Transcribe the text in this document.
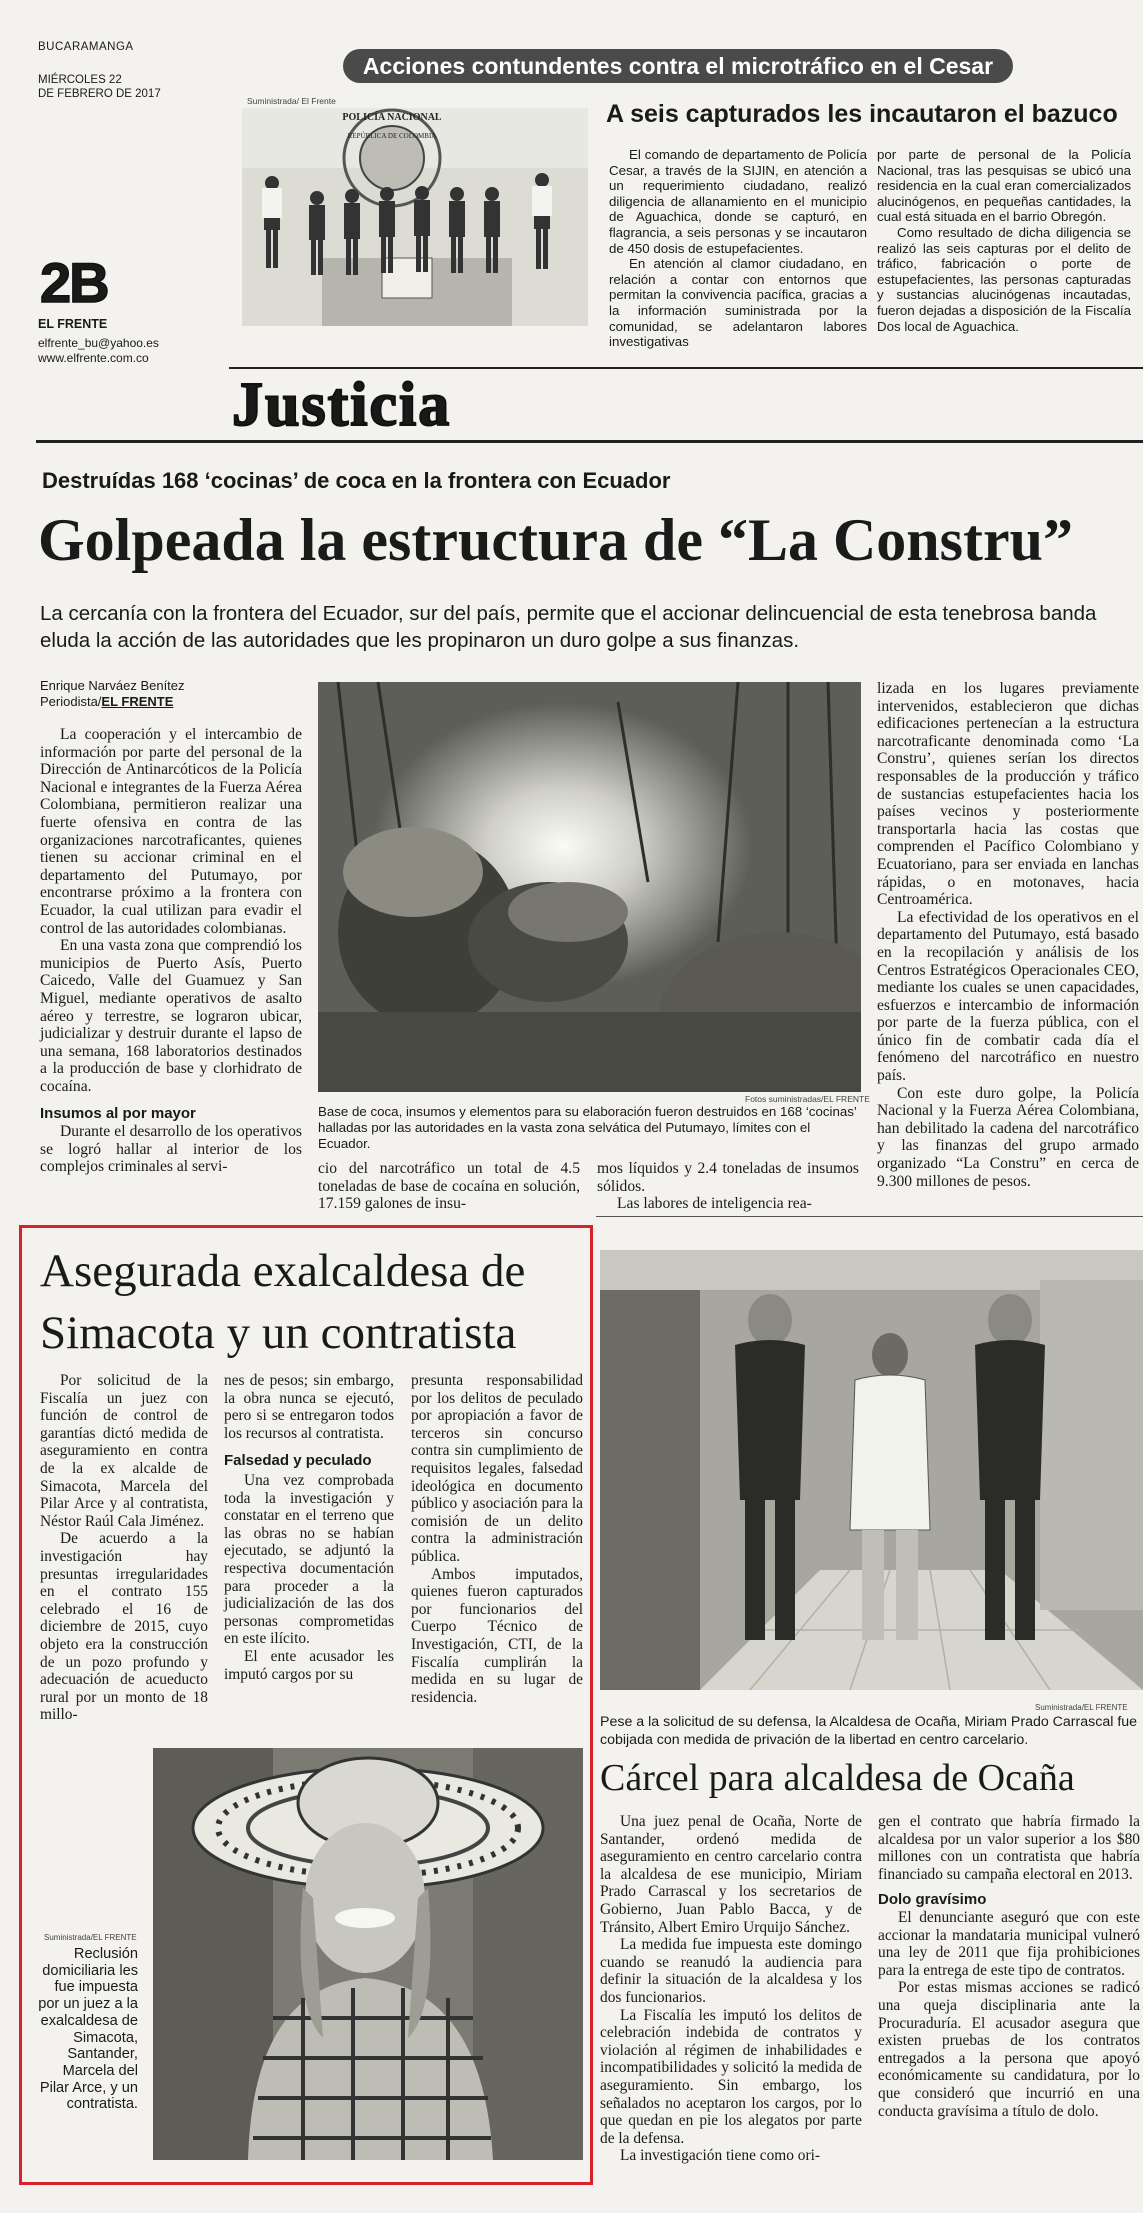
BUCARAMANGA
MIÉRCOLES 22
DE FEBRERO DE 2017
2B
EL FRENTE
elfrente_bu@yahoo.es
www.elfrente.com.co
Acciones contundentes contra el microtráfico en el Cesar
POLICÍA NACIONAL
REPÚBLICA DE COLOMBIA
Suministrada/ El Frente	A seis capturados les incautaron el bazuco

El comando de departamento de Policía Cesar, a través de la SIJIN, en atención a un requerimiento ciudadano, realizó diligencia de allanamiento en el municipio de Aguachica, donde se capturó, en flagrancia, a seis personas y se incautaron de 450 dosis de estupefacientes.

En atención al clamor ciudadano, en relación a contar con entornos que permitan la convivencia pacífica, gracias a la información suministrada por la comunidad, se adelantaron labores investigativas

por parte de personal de la Policía Nacional, tras las pesquisas se ubicó una residencia en la cual eran comercializados alucinógenos, en pequeñas cantidades, la cual está situada en el barrio Obregón.

Como resultado de dicha diligencia se realizó las seis capturas por el delito de tráfico, fabricación o porte de estupefacientes, las personas capturadas y sustancias alucinógenas incautadas, fueron dejadas a disposición de la Fiscalía Dos local de Aguachica.

Justicia
Destruídas 168 ‘cocinas’ de coca en la frontera con Ecuador
Golpeada la estructura de “La Constru”
La cercanía con la frontera del Ecuador, sur del país, permite que el accionar delincuencial de esta tenebrosa banda eluda la acción de las autoridades que les propinaron un duro golpe a sus finanzas.
Enrique Narváez Benítez
Periodista/EL FRENTE

La cooperación y el intercambio de información por parte del personal de la Dirección de Antinarcóticos de la Policía Nacional e integrantes de la Fuerza Aérea Colombiana, permitieron realizar una fuerte ofensiva en contra de las organizaciones narcotraficantes, quienes tienen su accionar criminal en el departamento del Putumayo, por encontrarse próximo a la frontera con Ecuador, la cual utilizan para evadir el control de las autoridades colombianas.

En una vasta zona que comprendió los municipios de Puerto Asís, Puerto Caicedo, Valle del Guamuez y San Miguel, mediante operativos de asalto aéreo y terrestre, se lograron ubicar, judicializar y destruir durante el lapso de una semana, 168 laboratorios destinados a la producción de base y clorhidrato de cocaína.

Insumos al por mayor

Durante el desarrollo de los operativos se logró hallar al interior de los complejos criminales al servi-

Fotos suministradas/EL FRENTE
Base de coca, insumos y elementos para su elaboración fueron destruidos en 168 ‘cocinas’ halladas por las autoridades en la vasta zona selvática del Putumayo, límites con el Ecuador.

cio del narcotráfico un total de 4.5 toneladas de base de cocaína en solución, 17.159 galones de insu-

mos líquidos y 2.4 toneladas de insumos sólidos.

Las labores de inteligencia rea-

lizada en los lugares previamente intervenidos, establecieron que dichas edificaciones pertenecían a la estructura narcotraficante denominada como ‘La Constru’, quienes serían los directos responsables de la producción y tráfico de sustancias estupefacientes hacia los países vecinos y posteriormente transportarla hacia las costas que comprenden el Pacífico Colombiano y Ecuatoriano, para ser enviada en lanchas rápidas, o en motonaves, hacia Centroamérica.

La efectividad de los operativos en el departamento del Putumayo, está basado en la recopilación y análisis de los Centros Estratégicos Operacionales CEO, mediante los cuales se unen capacidades, esfuerzos e intercambio de información por parte de la fuerza pública, con el único fin de combatir cada día el fenómeno del narcotráfico en nuestro país.

Con este duro golpe, la Policía Nacional y la Fuerza Aérea Colombiana, han debilitado la cadena del narcotráfico y las finanzas del grupo armado organizado “La Constru” en cerca de 9.300 millones de pesos.

Asegurada exalcaldesa de Simacota y un contratista

Por solicitud de la Fiscalía un juez con función de control de garantías dictó medida de aseguramiento en contra de la ex alcalde de Simacota, Marcela del Pilar Arce y al contratista, Néstor Raúl Cala Jiménez.

De acuerdo a la investigación hay presuntas irregularidades en el contrato 155 celebrado el 16 de diciembre de 2015, cuyo objeto era la construcción de un pozo profundo y adecuación de acueducto rural por un monto de 18 millo-

nes de pesos; sin embargo, la obra nunca se ejecutó, pero si se entregaron todos los recursos al contratista.

Falsedad y peculado

Una vez comprobada toda la investigación y constatar en el terreno que las obras no se habían ejecutado, se adjuntó la respectiva documentación para proceder a la judicialización de las dos personas comprometidas en este ilícito.

El ente acusador les imputó cargos por su

presunta responsabilidad por los delitos de peculado por apropiación a favor de terceros sin concurso contra sin cumplimiento de requisitos legales, falsedad ideológica en documento público y asociación para la comisión de un delito contra la administración pública.

Ambos imputados, quienes fueron capturados por funcionarios del Cuerpo Técnico de Investigación, CTI, de la Fiscalía cumplirán la medida en su lugar de residencia.

Suministrada/EL FRENTE
Reclusión domiciliaria les fue impuesta por un juez a la exalcaldesa de Simacota, Santander, Marcela del Pilar Arce, y un contratista.
Suministrada/EL FRENTE
Pese a la solicitud de su defensa, la Alcaldesa de Ocaña, Miriam Prado Carrascal fue cobijada con medida de privación de la libertad en centro carcelario.
Cárcel para alcaldesa de Ocaña

Una juez penal de Ocaña, Norte de Santander, ordenó medida de aseguramiento en centro carcelario contra la alcaldesa de ese municipio, Miriam Prado Carrascal y los secretarios de Gobierno, Juan Pablo Bacca, y de Tránsito, Albert Emiro Urquijo Sánchez.

La medida fue impuesta este domingo cuando se reanudó la audiencia para definir la situación de la alcaldesa y los dos funcionarios.

La Fiscalía les imputó los delitos de celebración indebida de contratos y violación al régimen de inhabilidades e incompatibilidades y solicitó la medida de aseguramiento. Sin embargo, los señalados no aceptaron los cargos, por lo que quedan en pie los alegatos por parte de la defensa.

La investigación tiene como ori-

gen el contrato que habría firmado la alcaldesa por un valor superior a los $80 millones con un contratista que habría financiado su campaña electoral en 2013.

Dolo gravísimo

El denunciante aseguró que con este accionar la mandataria municipal vulneró una ley de 2011 que fija prohibiciones para la entrega de este tipo de contratos.

Por estas mismas acciones se radicó una queja disciplinaria ante la Procuraduría. El acusador asegura que existen pruebas de los contratos entregados a la persona que apoyó económicamente su candidatura, por lo que consideró que incurrió en una conducta gravísima a título de dolo.
